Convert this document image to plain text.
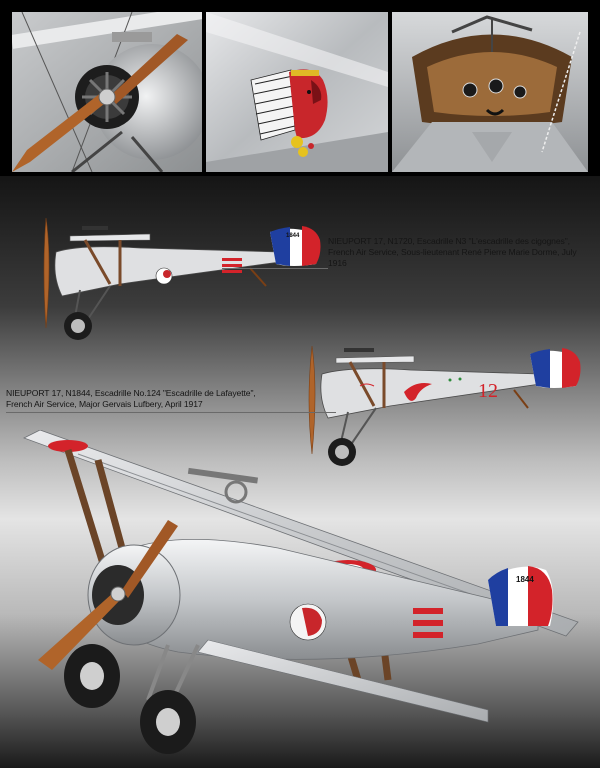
1844	NIEUPORT 17, N1720, Escadrille N3 "L'escadrille des cigognes",
French Air Service, Sous-lieutenant René Pierre Marie Dorme, July 1916
12
NIEUPORT 17, N1844, Escadrille No.124 "Escadrille de Lafayette",
French Air Service, Major Gervais Lufbery, April 1917
1844
